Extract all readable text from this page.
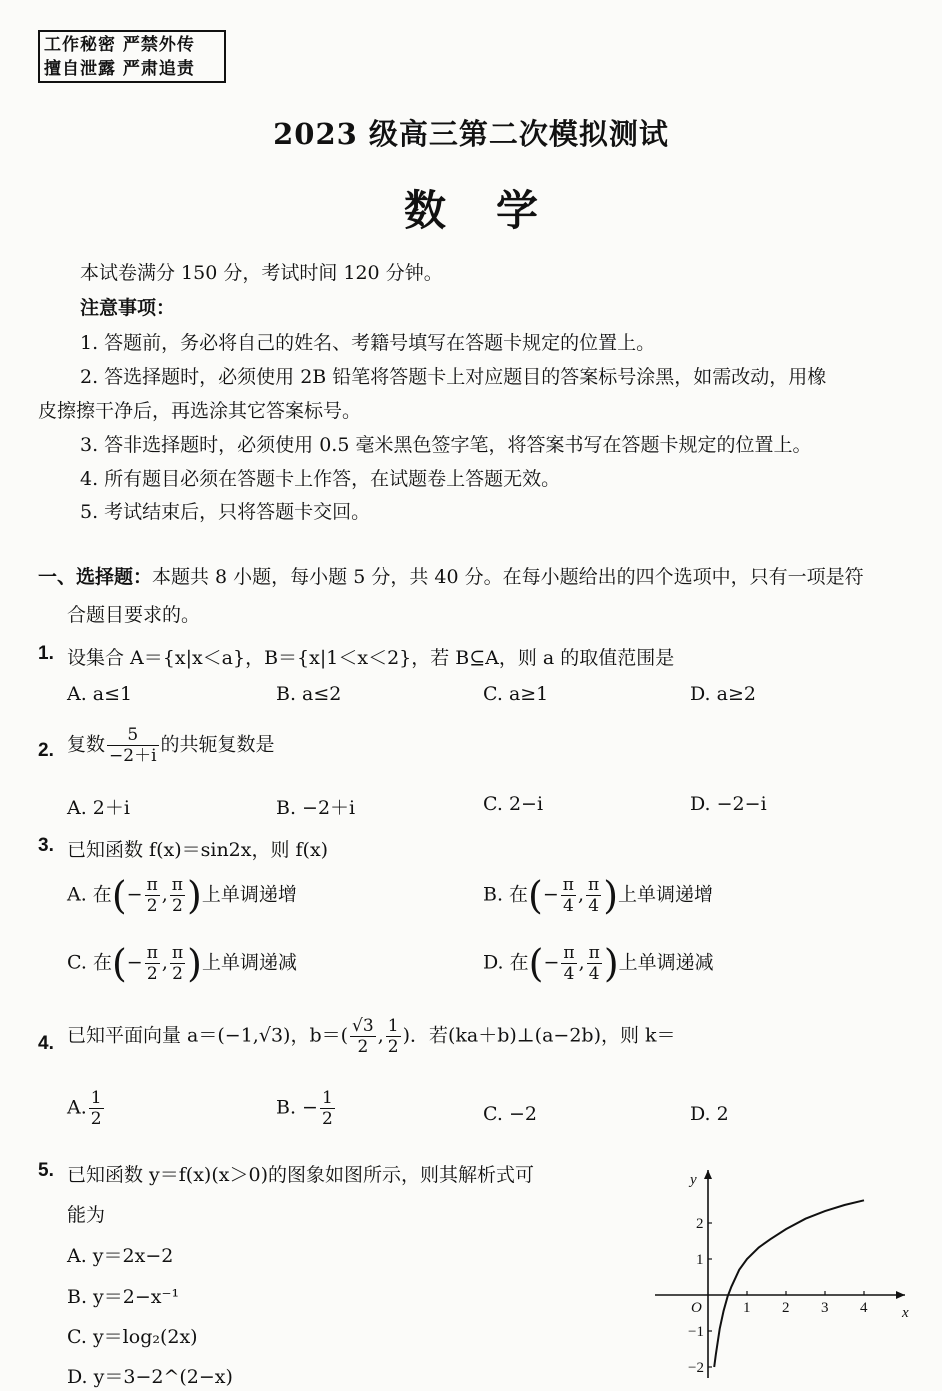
工作秘密 严禁外传
擅自泄露 严肃追责
2023 级高三第二次模拟测试
数学
本试卷满分 150 分，考试时间 120 分钟。
注意事项：
1. 答题前，务必将自己的姓名、考籍号填写在答题卡规定的位置上。
2. 答选择题时，必须使用 2B 铅笔将答题卡上对应题目的答案标号涂黑，如需改动，用橡
皮擦擦干净后，再选涂其它答案标号。
3. 答非选择题时，必须使用 0.5 毫米黑色签字笔，将答案书写在答题卡规定的位置上。
4. 所有题目必须在答题卡上作答，在试题卷上答题无效。
5. 考试结束后，只将答题卡交回。
一、选择题：本题共 8 小题，每小题 5 分，共 40 分。在每小题给出的四个选项中，只有一项是符
合题目要求的。
1. 设集合 A＝{x|x＜a}，B＝{x|1＜x＜2}，若 B⊆A，则 a 的取值范围是
A. a≤1	B. a≤2	C. a≥1	D. a≥2
2. 复数 $\frac{5}{-2+i}$ 的共轭复数是
A. 2＋i	B. −2＋i	C. 2−i	D. −2−i
3. 已知函数 f(x)＝sin2x，则 f(x)
A. 在(− $\frac{\pi}{2}$ , $\frac{\pi}{2}$ )上单调递增	B. 在(− $\frac{\pi}{4}$ , $\frac{\pi}{4}$ )上单调递增
C. 在(− $\frac{\pi}{2}$ , $\frac{\pi}{2}$ )上单调递减	D. 在(− $\frac{\pi}{4}$ , $\frac{\pi}{4}$ )上单调递减
4. 已知平面向量 a＝(−1,√3)，$b=( \frac{√3}{2}$ , $\frac{1}{2}$ )．若(ka＋b)⊥(a−2b)，则 k＝
A. $\frac{1}{2}$	B. − $\frac{1}{2}$	C. −2	D. 2
5. 已知函数 y＝f(x)(x＞0)的图象如图所示，则其解析式可
能为
A. y＝2x−2
B. y＝2−x⁻¹
C. y＝log₂(2x)
D. y＝3−2^(2−x)
x
y
O	1 2 3 4
2
1
−1
−2
